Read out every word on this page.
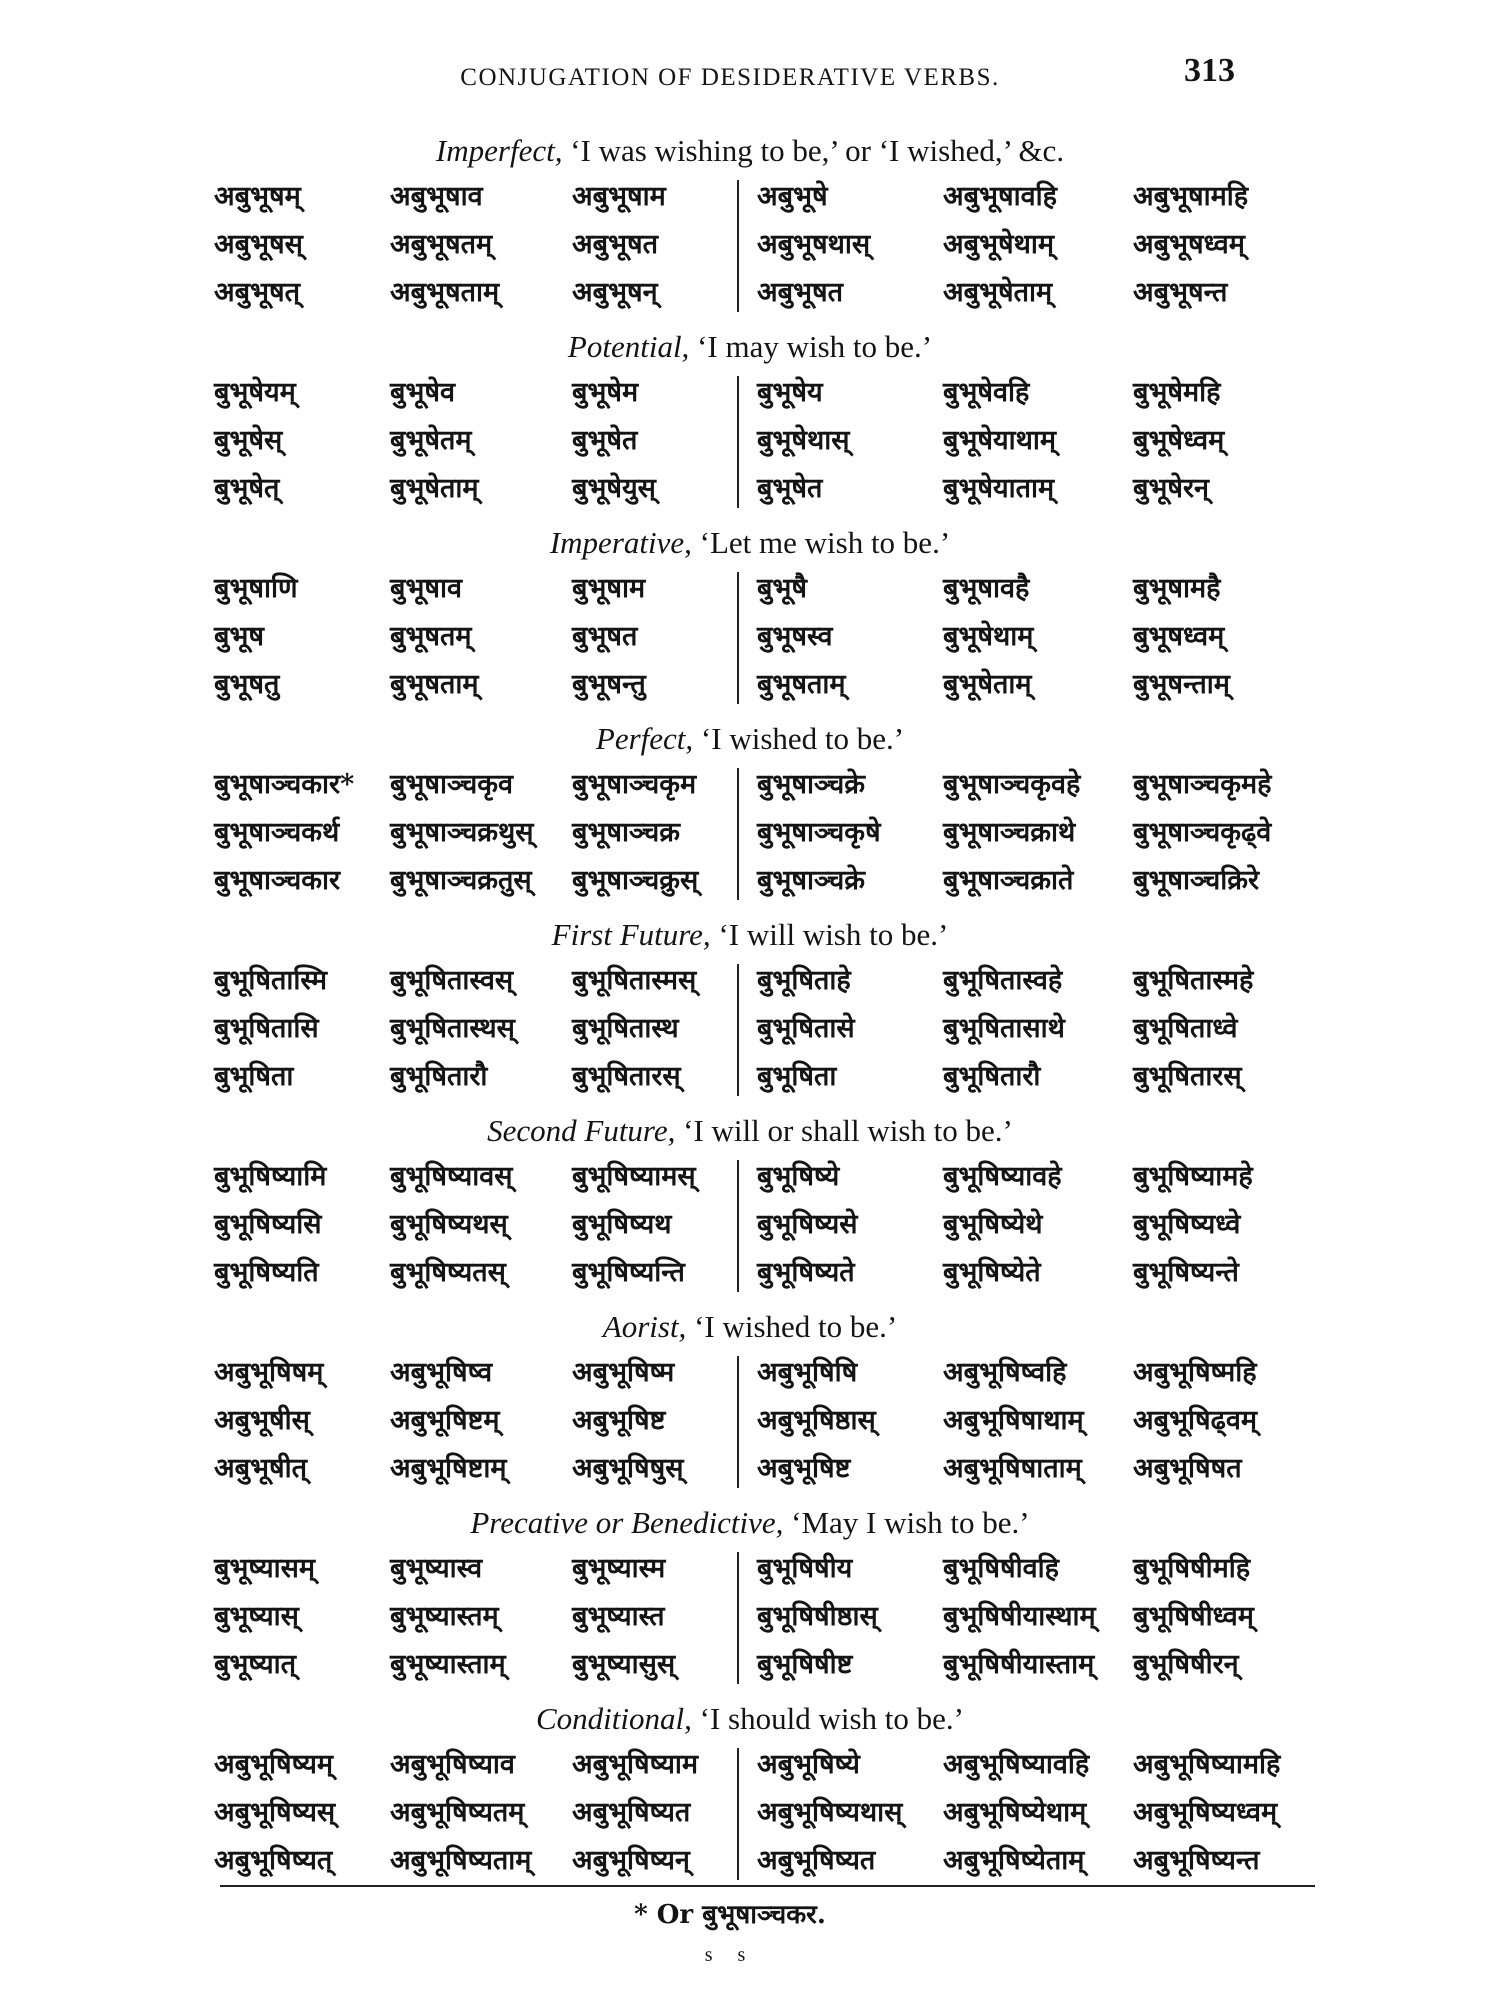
CONJUGATION OF DESIDERATIVE VERBS.	313
Imperfect, ‘I was wishing to be,’ or ‘I wished,’ &c.
अबुभूषम्	अबुभूषाव	अबुभूषाम	अबुभूषे	अबुभूषावहि	अबुभूषामहि
अबुभूषस्	अबुभूषतम्	अबुभूषत	अबुभूषथास्	अबुभूषेथाम्	अबुभूषध्वम्
अबुभूषत्	अबुभूषताम्	अबुभूषन्	अबुभूषत	अबुभूषेताम्	अबुभूषन्त
Potential, ‘I may wish to be.’
बुभूषेयम्	बुभूषेव	बुभूषेम	बुभूषेय	बुभूषेवहि	बुभूषेमहि
बुभूषेस्	बुभूषेतम्	बुभूषेत	बुभूषेथास्	बुभूषेयाथाम्	बुभूषेध्वम्
बुभूषेत्	बुभूषेताम्	बुभूषेयुस्	बुभूषेत	बुभूषेयाताम्	बुभूषेरन्
Imperative, ‘Let me wish to be.’
बुभूषाणि	बुभूषाव	बुभूषाम	बुभूषै	बुभूषावहै	बुभूषामहै
बुभूष	बुभूषतम्	बुभूषत	बुभूषस्व	बुभूषेथाम्	बुभूषध्वम्
बुभूषतु	बुभूषताम्	बुभूषन्तु	बुभूषताम्	बुभूषेताम्	बुभूषन्ताम्
Perfect, ‘I wished to be.’
बुभूषाञ्चकार* बुभूषाञ्चकृव बुभूषाञ्चकृम बुभूषाञ्चक्रे	बुभूषाञ्चकृवहे बुभूषाञ्चकृमहे
बुभूषाञ्चकर्थ बुभूषाञ्चक्रथुस् बुभूषाञ्चक्र	बुभूषाञ्चकृषे बुभूषाञ्चक्राथे बुभूषाञ्चकृढ्वे
बुभूषाञ्चकार बुभूषाञ्चक्रतुस् बुभूषाञ्चक्रुस् बुभूषाञ्चक्रे	बुभूषाञ्चक्राते बुभूषाञ्चक्रिरे
First Future, ‘I will wish to be.’
बुभूषितास्मि बुभूषितास्वस् बुभूषितास्मस् बुभूषिताहे	बुभूषितास्वहे	बुभूषितास्महे
बुभूषितासि	बुभूषितास्थस् बुभूषितास्थ	बुभूषितासे	बुभूषितासाथे	बुभूषिताध्वे
बुभूषिता	बुभूषितारौ	बुभूषितारस्	बुभूषिता	बुभूषितारौ	बुभूषितारस्
Second Future, ‘I will or shall wish to be.’
बुभूषिष्यामि बुभूषिष्यावस् बुभूषिष्यामस् बुभूषिष्ये	बुभूषिष्यावहे	बुभूषिष्यामहे
बुभूषिष्यसि	बुभूषिष्यथस् बुभूषिष्यथ	बुभूषिष्यसे	बुभूषिष्येथे	बुभूषिष्यध्वे
बुभूषिष्यति	बुभूषिष्यतस् बुभूषिष्यन्ति	बुभूषिष्यते	बुभूषिष्येते	बुभूषिष्यन्ते
Aorist, ‘I wished to be.’
अबुभूषिषम् अबुभूषिष्व	अबुभूषिष्म	अबुभूषिषि	अबुभूषिष्वहि अबुभूषिष्महि
अबुभूषीस्	अबुभूषिष्टम्	अबुभूषिष्ट	अबुभूषिष्ठास् अबुभूषिषाथाम् अबुभूषिढ्वम्
अबुभूषीत्	अबुभूषिष्टाम् अबुभूषिषुस्	अबुभूषिष्ट	अबुभूषिषाताम् अबुभूषिषत
Precative or Benedictive, ‘May I wish to be.’
बुभूष्यासम्	बुभूष्यास्व	बुभूष्यास्म	बुभूषिषीय	बुभूषिषीवहि	बुभूषिषीमहि
बुभूष्यास्	बुभूष्यास्तम्	बुभूष्यास्त	बुभूषिषीष्ठास् बुभूषिषीयास्थाम् बुभूषिषीध्वम्
बुभूष्यात्	बुभूष्यास्ताम् बुभूष्यासुस्	बुभूषिषीष्ट	बुभूषिषीयास्ताम् बुभूषिषीरन्
Conditional, ‘I should wish to be.’
अबुभूषिष्यम् अबुभूषिष्याव अबुभूषिष्याम अबुभूषिष्ये	अबुभूषिष्यावहि अबुभूषिष्यामहि
अबुभूषिष्यस् अबुभूषिष्यतम् अबुभूषिष्यत अबुभूषिष्यथास् अबुभूषिष्येथाम् अबुभूषिष्यध्वम्
अबुभूषिष्यत् अबुभूषिष्यताम् अबुभूषिष्यन् अबुभूषिष्यत	अबुभूषिष्येताम् अबुभूषिष्यन्त
* Or बुभूषाञ्चकर.
s s
